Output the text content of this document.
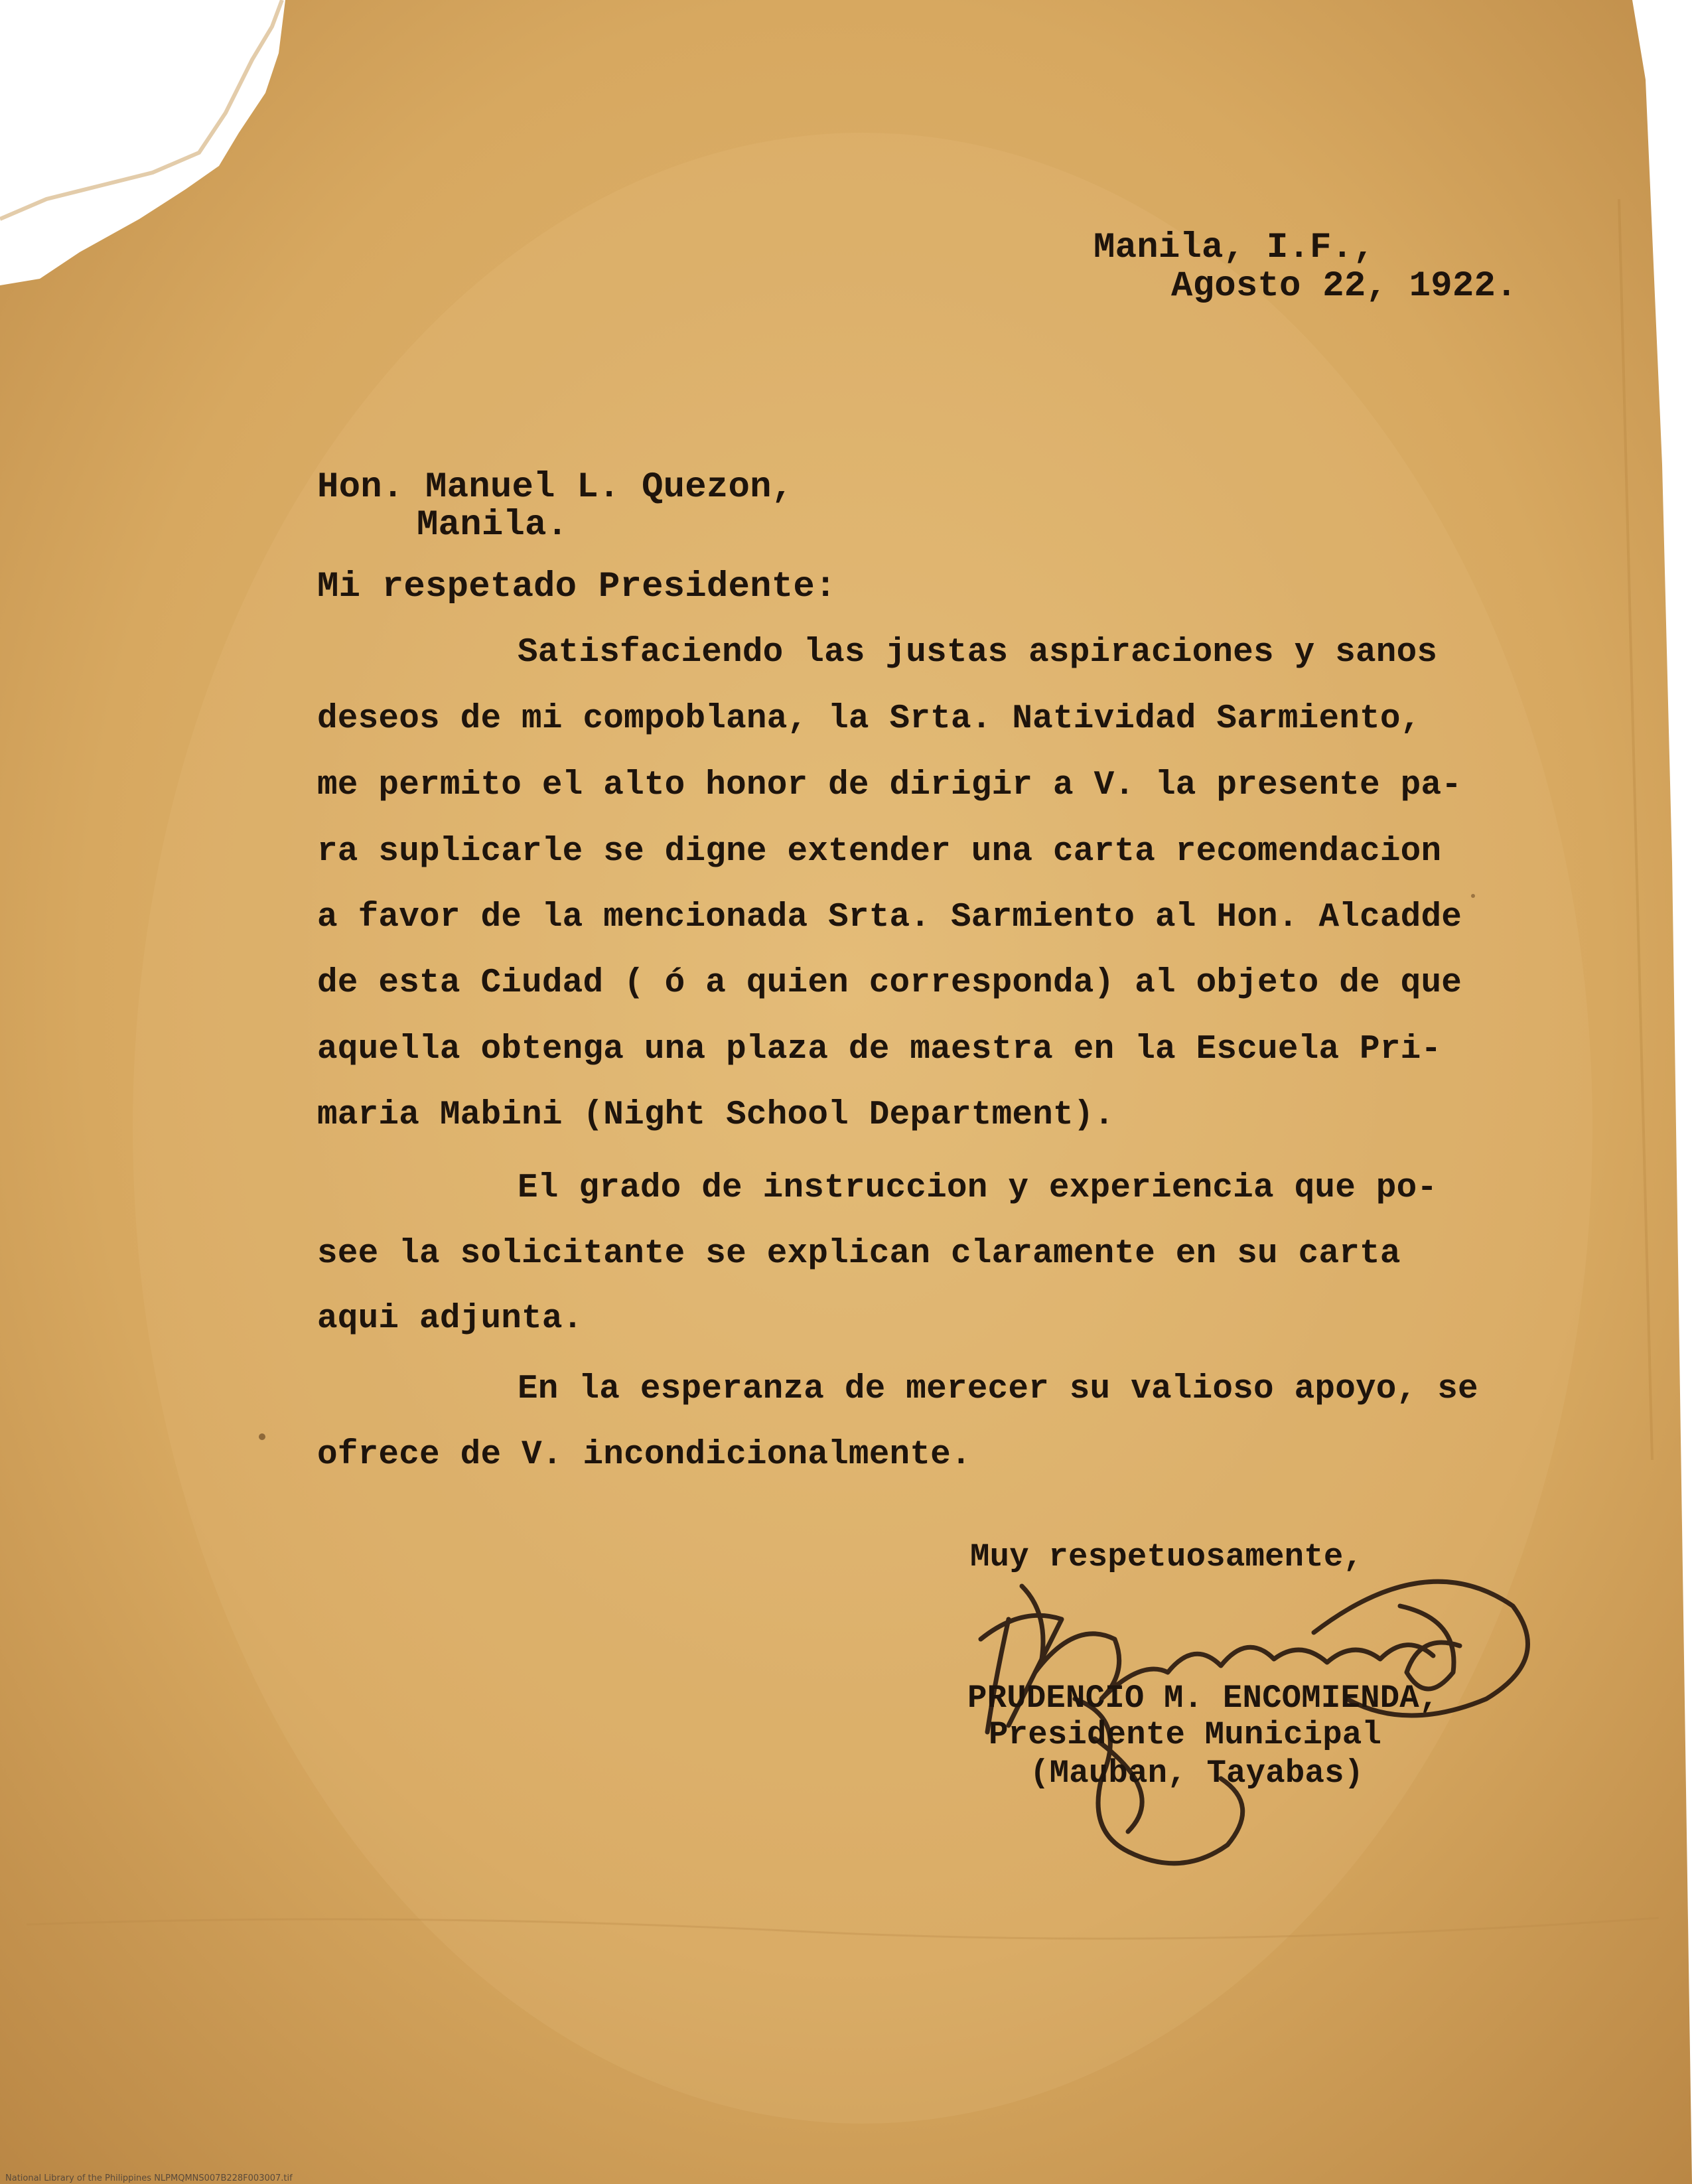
Manila, I.F.,

Agosto 22, 1922.

Hon. Manuel L. Quezon,

Manila.

Mi respetado Presidente:

Satisfaciendo las justas aspiraciones y sanos

deseos de mi compoblana, la Srta. Natividad Sarmiento,

me permito el alto honor de dirigir a V. la presente pa-

ra suplicarle se digne extender una carta recomendacion

a favor de la mencionada Srta. Sarmiento al Hon. Alcadde

de esta Ciudad ( ó a quien corresponda) al objeto de que

aquella obtenga una plaza de maestra en la Escuela Pri-

maria Mabini (Night School Department).

El grado de instruccion y experiencia que po-

see la solicitante se explican claramente en su carta

aqui adjunta.

En la esperanza de merecer su valioso apoyo, se

ofrece de V. incondicionalmente.

Muy respetuosamente,

PRUDENCIO M. ENCOMIENDA,

Presidente Municipal

(Mauban, Tayabas)

National Library of the Philippines NLPMQMNS007B228F003007.tif
